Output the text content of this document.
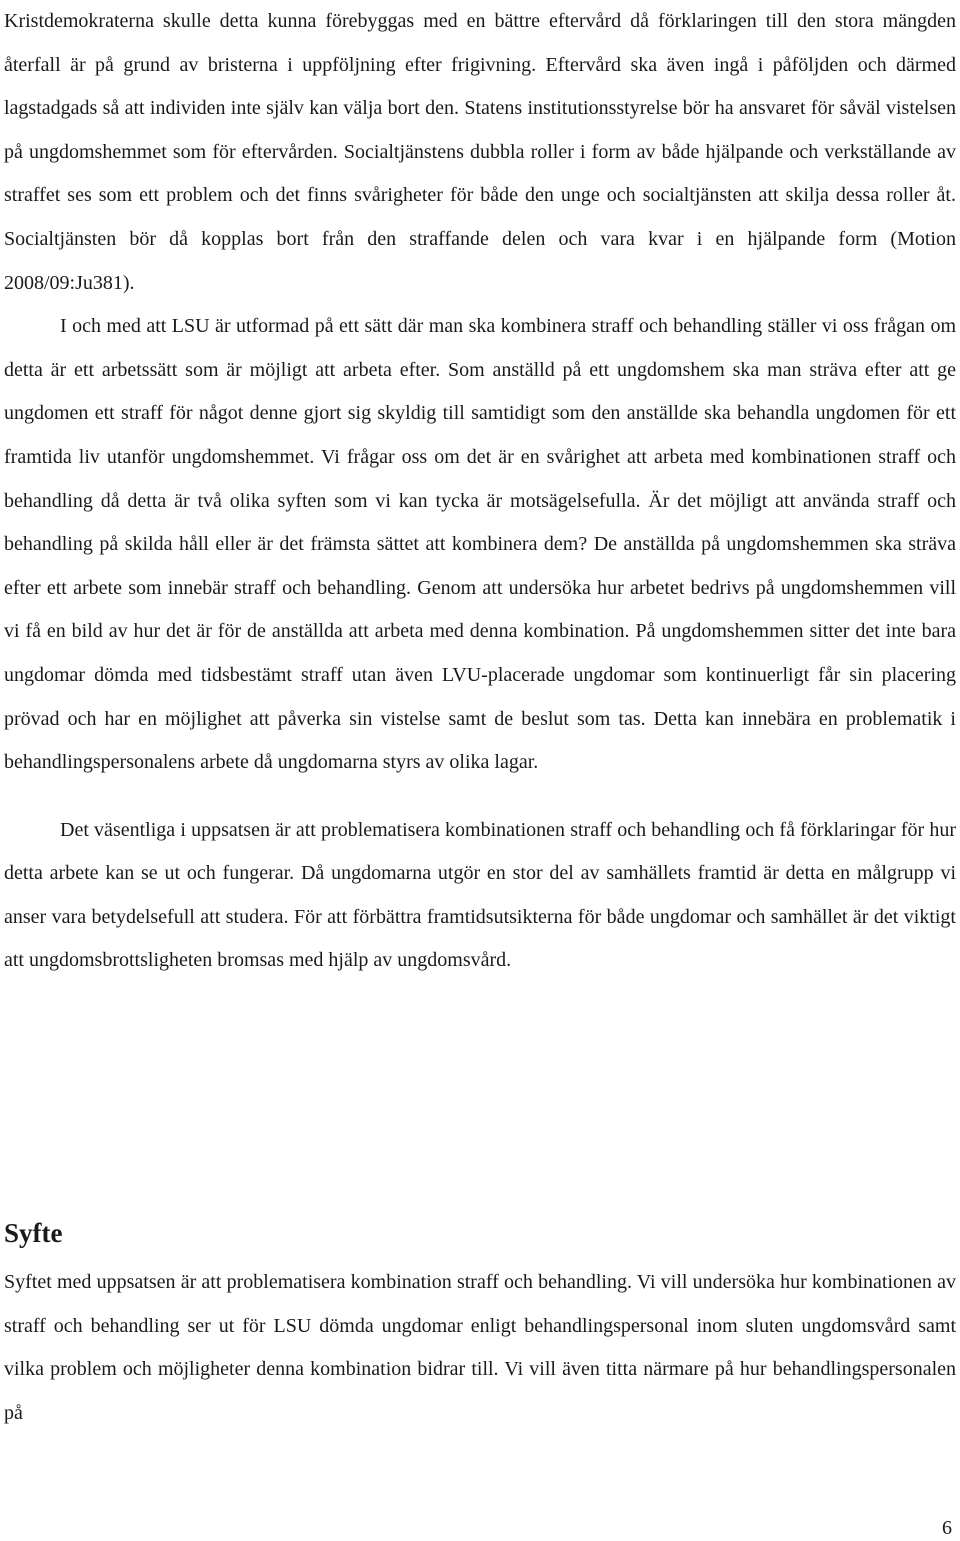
Kristdemokraterna skulle detta kunna förebyggas med en bättre eftervård då förklaringen till den stora mängden återfall är på grund av bristerna i uppföljning efter frigivning. Eftervård ska även ingå i påföljden och därmed lagstadgads så att individen inte själv kan välja bort den. Statens institutionsstyrelse bör ha ansvaret för såväl vistelsen på ungdomshemmet som för eftervården. Socialtjänstens dubbla roller i form av både hjälpande och verkställande av straffet ses som ett problem och det finns svårigheter för både den unge och socialtjänsten att skilja dessa roller åt. Socialtjänsten bör då kopplas bort från den straffande delen och vara kvar i en hjälpande form (Motion 2008/09:Ju381).

I och med att LSU är utformad på ett sätt där man ska kombinera straff och behandling ställer vi oss frågan om detta är ett arbetssätt som är möjligt att arbeta efter. Som anställd på ett ungdomshem ska man sträva efter att ge ungdomen ett straff för något denne gjort sig skyldig till samtidigt som den anställde ska behandla ungdomen för ett framtida liv utanför ungdomshemmet. Vi frågar oss om det är en svårighet att arbeta med kombinationen straff och behandling då detta är två olika syften som vi kan tycka är motsägelsefulla. Är det möjligt att använda straff och behandling på skilda håll eller är det främsta sättet att kombinera dem? De anställda på ungdomshemmen ska sträva efter ett arbete som innebär straff och behandling. Genom att undersöka hur arbetet bedrivs på ungdomshemmen vill vi få en bild av hur det är för de anställda att arbeta med denna kombination. På ungdomshemmen sitter det inte bara ungdomar dömda med tidsbestämt straff utan även LVU-placerade ungdomar som kontinuerligt får sin placering prövad och har en möjlighet att påverka sin vistelse samt de beslut som tas. Detta kan innebära en problematik i behandlingspersonalens arbete då ungdomarna styrs av olika lagar.

Det väsentliga i uppsatsen är att problematisera kombinationen straff och behandling och få förklaringar för hur detta arbete kan se ut och fungerar. Då ungdomarna utgör en stor del av samhällets framtid är detta en målgrupp vi anser vara betydelsefull att studera. För att förbättra framtidsutsikterna för både ungdomar och samhället är det viktigt att ungdomsbrottsligheten bromsas med hjälp av ungdomsvård.

Syfte

Syftet med uppsatsen är att problematisera kombination straff och behandling. Vi vill undersöka hur kombinationen av straff och behandling ser ut för LSU dömda ungdomar enligt behandlingspersonal inom sluten ungdomsvård samt vilka problem och möjligheter denna kombination bidrar till. Vi vill även titta närmare på hur behandlingspersonalen på

6
